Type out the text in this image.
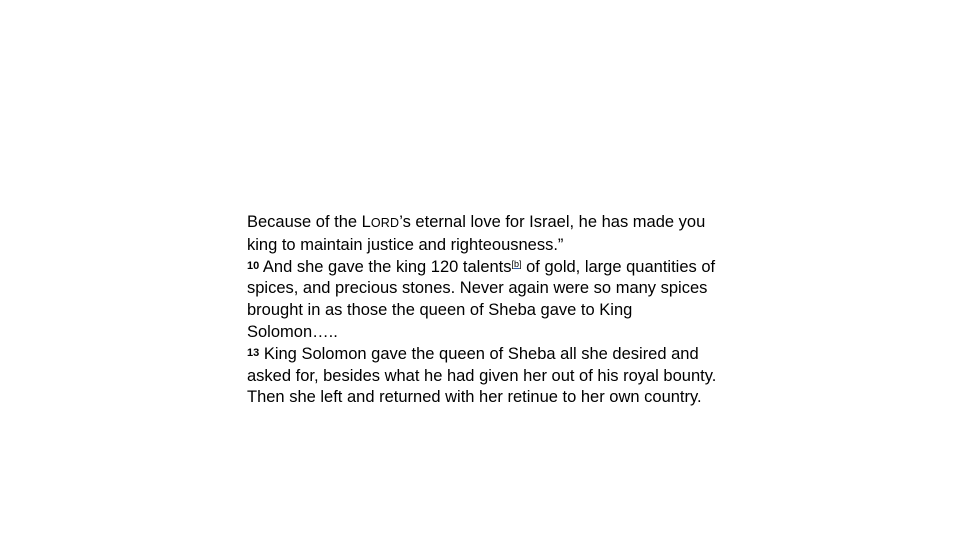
Because of the LORD’s eternal love for Israel, he has made you king to maintain justice and righteousness.”

$^{10}$ And she gave the king 120 talents[b] of gold, large quantities of spices, and precious stones. Never again were so many spices brought in as those the queen of Sheba gave to King Solomon…..

$^{13}$ King Solomon gave the queen of Sheba all she desired and asked for, besides what he had given her out of his royal bounty. Then she left and returned with her retinue to her own country.
